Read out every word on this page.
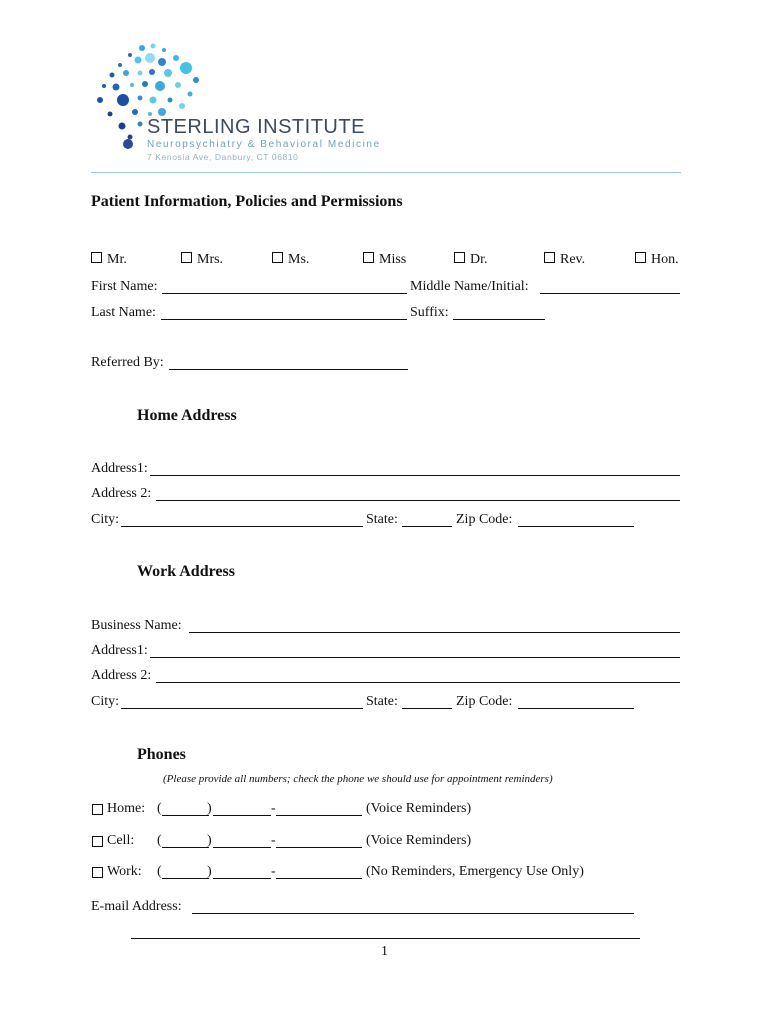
STERLING INSTITUTE
Neuropsychiatry & Behavioral Medicine
7 Kenosia Ave, Danbury, CT 06810
Patient Information, Policies and Permissions
Mr.	Mrs.	Ms.	Miss	Dr.	Rev.	Hon.
First Name:	Middle Name/Initial:
Last Name:	Suffix:
Referred By:
Home Address
Address1:
Address 2:
City:	State:	Zip Code:
Work Address
Business Name:
Address1:
Address 2:
City:	State:	Zip Code:
Phones
(Please provide all numbers; check the phone we should use for appointment reminders)
Home: (	)	-	(Voice Reminders)
Cell: (	)	-	(Voice Reminders)
Work: (	)	-	(No Reminders, Emergency Use Only)
E-mail Address:
1
